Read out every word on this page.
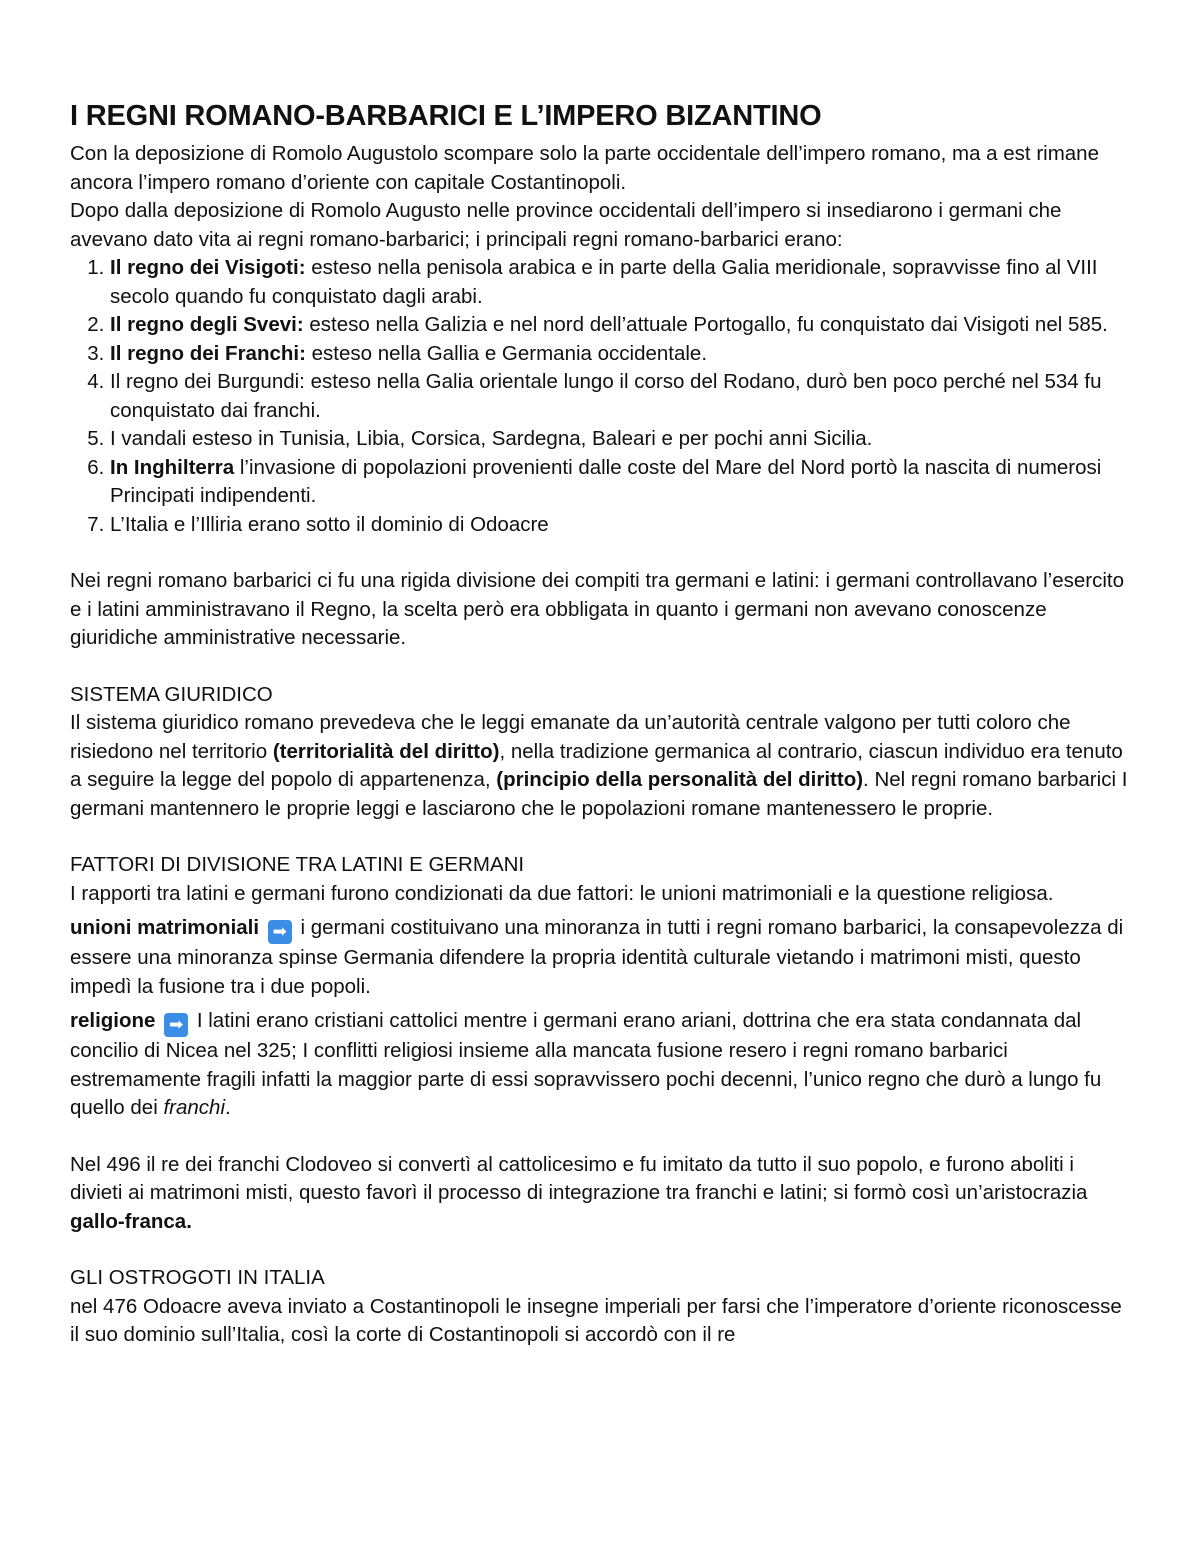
I REGNI ROMANO-BARBARICI E L’IMPERO BIZANTINO

Con la deposizione di Romolo Augustolo scompare solo la parte occidentale dell’impero romano, ma a est rimane ancora l’impero romano d’oriente con capitale Costantinopoli.

Dopo dalla deposizione di Romolo Augusto nelle province occidentali dell’impero si insediarono i germani che avevano dato vita ai regni romano-barbarici; i principali regni romano-barbarici erano:

1. Il regno dei Visigoti: esteso nella penisola arabica e in parte della Galia meridionale, sopravvisse fino al VIII secolo quando fu conquistato dagli arabi.
2. Il regno degli Svevi: esteso nella Galizia e nel nord dell’attuale Portogallo, fu conquistato dai Visigoti nel 585.
3. Il regno dei Franchi: esteso nella Gallia e Germania occidentale.
4. Il regno dei Burgundi: esteso nella Galia orientale lungo il corso del Rodano, durò ben poco perché nel 534 fu conquistato dai franchi.
5. I vandali esteso in Tunisia, Libia, Corsica, Sardegna, Baleari e per pochi anni Sicilia.
6. In Inghilterra l’invasione di popolazioni provenienti dalle coste del Mare del Nord portò la nascita di numerosi Principati indipendenti.
7. L’Italia e l’Illiria erano sotto il dominio di Odoacre

Nei regni romano barbarici ci fu una rigida divisione dei compiti tra germani e latini: i germani controllavano l’esercito e i latini amministravano il Regno, la scelta però era obbligata in quanto i germani non avevano conoscenze giuridiche amministrative necessarie.

SISTEMA GIURIDICO

Il sistema giuridico romano prevedeva che le leggi emanate da un’autorità centrale valgono per tutti coloro che risiedono nel territorio (territorialità del diritto), nella tradizione germanica al contrario, ciascun individuo era tenuto a seguire la legge del popolo di appartenenza, (principio della personalità del diritto). Nel regni romano barbarici I germani mantennero le proprie leggi e lasciarono che le popolazioni romane mantenessero le proprie.

FATTORI DI DIVISIONE TRA LATINI E GERMANI

I rapporti tra latini e germani furono condizionati da due fattori: le unioni matrimoniali e la questione religiosa.

unioni matrimoniali ➡ i germani costituivano una minoranza in tutti i regni romano barbarici, la consapevolezza di essere una minoranza spinse Germania difendere la propria identità culturale vietando i matrimoni misti, questo impedì la fusione tra i due popoli.

religione ➡ I latini erano cristiani cattolici mentre i germani erano ariani, dottrina che era stata condannata dal concilio di Nicea nel 325; I conflitti religiosi insieme alla mancata fusione resero i regni romano barbarici estremamente fragili infatti la maggior parte di essi sopravvissero pochi decenni, l’unico regno che durò a lungo fu quello dei franchi.

Nel 496 il re dei franchi Clodoveo si convertì al cattolicesimo e fu imitato da tutto il suo popolo, e furono aboliti i divieti ai matrimoni misti, questo favorì il processo di integrazione tra franchi e latini; si formò così un’aristocrazia gallo-franca.

GLI OSTROGOTI IN ITALIA

nel 476 Odoacre aveva inviato a Costantinopoli le insegne imperiali per farsi che l’imperatore d’oriente riconoscesse il suo dominio sull’Italia, così la corte di Costantinopoli si accordò con il re
